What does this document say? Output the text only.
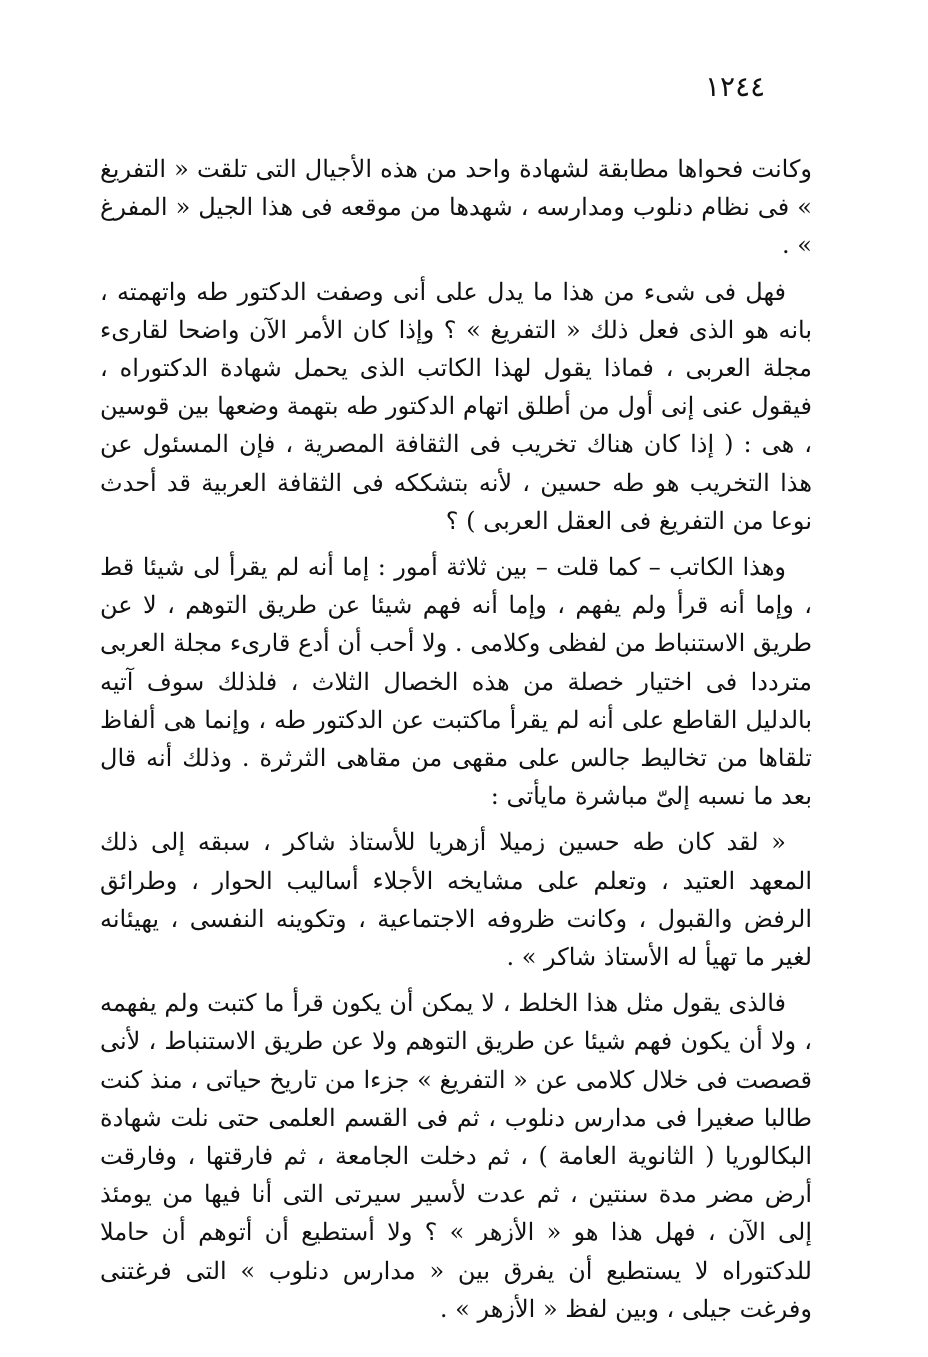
١٢٤٤

وكانت فحواها مطابقة لشهادة واحد من هذه الأجيال التى تلقت « التفريغ » فى نظام دنلوب ومدارسه ، شهدها من موقعه فى هذا الجيل « المفرغ » .

فهل فى شىء من هذا ما يدل على أنى وصفت الدكتور طه واتهمته ، بانه هو الذى فعل ذلك « التفريغ » ؟ وإذا كان الأمر الآن واضحا لقارىء مجلة العربى ، فماذا يقول لهذا الكاتب الذى يحمل شهادة الدكتوراه ، فيقول عنى إنى أول من أطلق اتهام الدكتور طه بتهمة وضعها بين قوسين ، هى : ( إذا كان هناك تخريب فى الثقافة المصرية ، فإن المسئول عن هذا التخريب هو طه حسين ، لأنه بتشككه فى الثقافة العربية قد أحدث نوعا من التفريغ فى العقل العربى ) ؟

وهذا الكاتب – كما قلت – بين ثلاثة أمور : إما أنه لم يقرأ لى شيئا قط ، وإما أنه قرأ ولم يفهم ، وإما أنه فهم شيئا عن طريق التوهم ، لا عن طريق الاستنباط من لفظى وكلامى . ولا أحب أن أدع قارىء مجلة العربى مترددا فى اختيار خصلة من هذه الخصال الثلاث ، فلذلك سوف آتيه بالدليل القاطع على أنه لم يقرأ ماكتبت عن الدكتور طه ، وإنما هى ألفاظ تلقاها من تخاليط جالس على مقهى من مقاهى الثرثرة . وذلك أنه قال بعد ما نسبه إلىّ مباشرة مايأتى :

« لقد كان طه حسين زميلا أزهريا للأستاذ شاكر ، سبقه إلى ذلك المعهد العتيد ، وتعلم على مشايخه الأجلاء أساليب الحوار ، وطرائق الرفض والقبول ، وكانت ظروفه الاجتماعية ، وتكوينه النفسى ، يهيئانه لغير ما تهيأ له الأستاذ شاكر » .

فالذى يقول مثل هذا الخلط ، لا يمكن أن يكون قرأ ما كتبت ولم يفهمه ، ولا أن يكون فهم شيئا عن طريق التوهم ولا عن طريق الاستنباط ، لأنى قصصت فى خلال كلامى عن « التفريغ » جزءا من تاريخ حياتى ، منذ كنت طالبا صغيرا فى مدارس دنلوب ، ثم فى القسم العلمى حتى نلت شهادة البكالوريا ( الثانوية العامة ) ، ثم دخلت الجامعة ، ثم فارقتها ، وفارقت أرض مضر مدة سنتين ، ثم عدت لأسير سيرتى التى أنا فيها من يومئذ إلى الآن ، فهل هذا هو « الأزهر » ؟ ولا أستطيع أن أتوهم أن حاملا للدكتوراه لا يستطيع أن يفرق بين « مدارس دنلوب » التى فرغتنى وفرغت جيلى ، وبين لفظ « الأزهر » .
